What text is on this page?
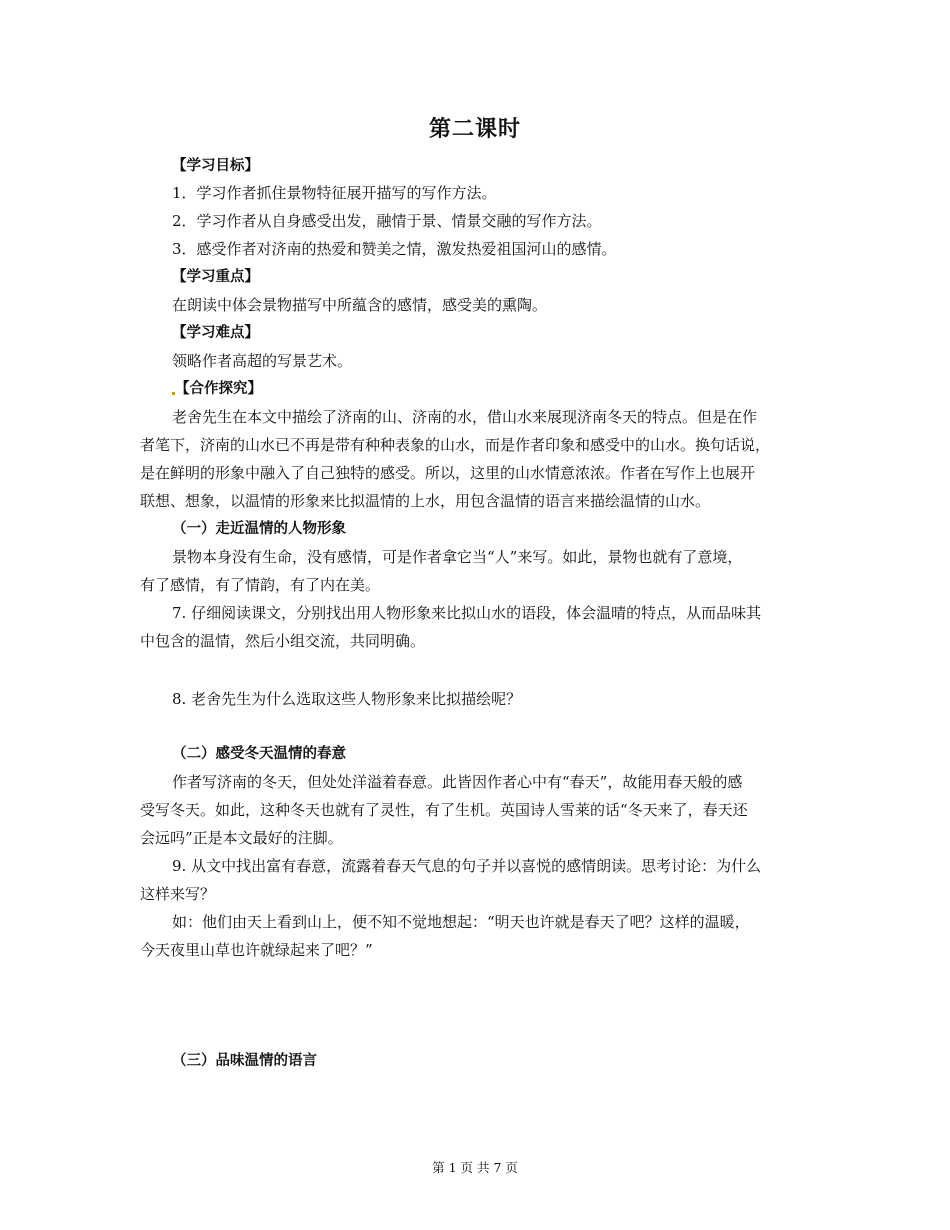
第二课时
【学习目标】
1．学习作者抓住景物特征展开描写的写作方法。
2．学习作者从自身感受出发，融情于景、情景交融的写作方法。
3．感受作者对济南的热爱和赞美之情，激发热爱祖国河山的感情。
【学习重点】
在朗读中体会景物描写中所蕴含的感情，感受美的熏陶。
【学习难点】
领略作者高超的写景艺术。
【合作探究】
老舍先生在本文中描绘了济南的山、济南的水，借山水来展现济南冬天的特点。但是在作
者笔下，济南的山水已不再是带有种种表象的山水，而是作者印象和感受中的山水。换句话说，
是在鲜明的形象中融入了自己独特的感受。所以，这里的山水情意浓浓。作者在写作上也展开
联想、想象，以温情的形象来比拟温情的上水，用包含温情的语言来描绘温情的山水。
（一）走近温情的人物形象
景物本身没有生命，没有感情，可是作者拿它当“人”来写。如此，景物也就有了意境，
有了感情，有了情韵，有了内在美。
7. 仔细阅读课文，分别找出用人物形象来比拟山水的语段，体会温晴的特点，从而品味其
中包含的温情，然后小组交流，共同明确。
8. 老舍先生为什么选取这些人物形象来比拟描绘呢？
（二）感受冬天温情的春意
作者写济南的冬天，但处处洋溢着春意。此皆因作者心中有“春天”，故能用春天般的感
受写冬天。如此，这种冬天也就有了灵性，有了生机。英国诗人雪莱的话“冬天来了，春天还
会远吗”正是本文最好的注脚。
9. 从文中找出富有春意，流露着春天气息的句子并以喜悦的感情朗读。思考讨论：为什么
这样来写？
如：他们由天上看到山上，便不知不觉地想起：“明天也许就是春天了吧？这样的温暖，
今天夜里山草也许就绿起来了吧？”
（三）品味温情的语言
第 1 页 共 7 页
